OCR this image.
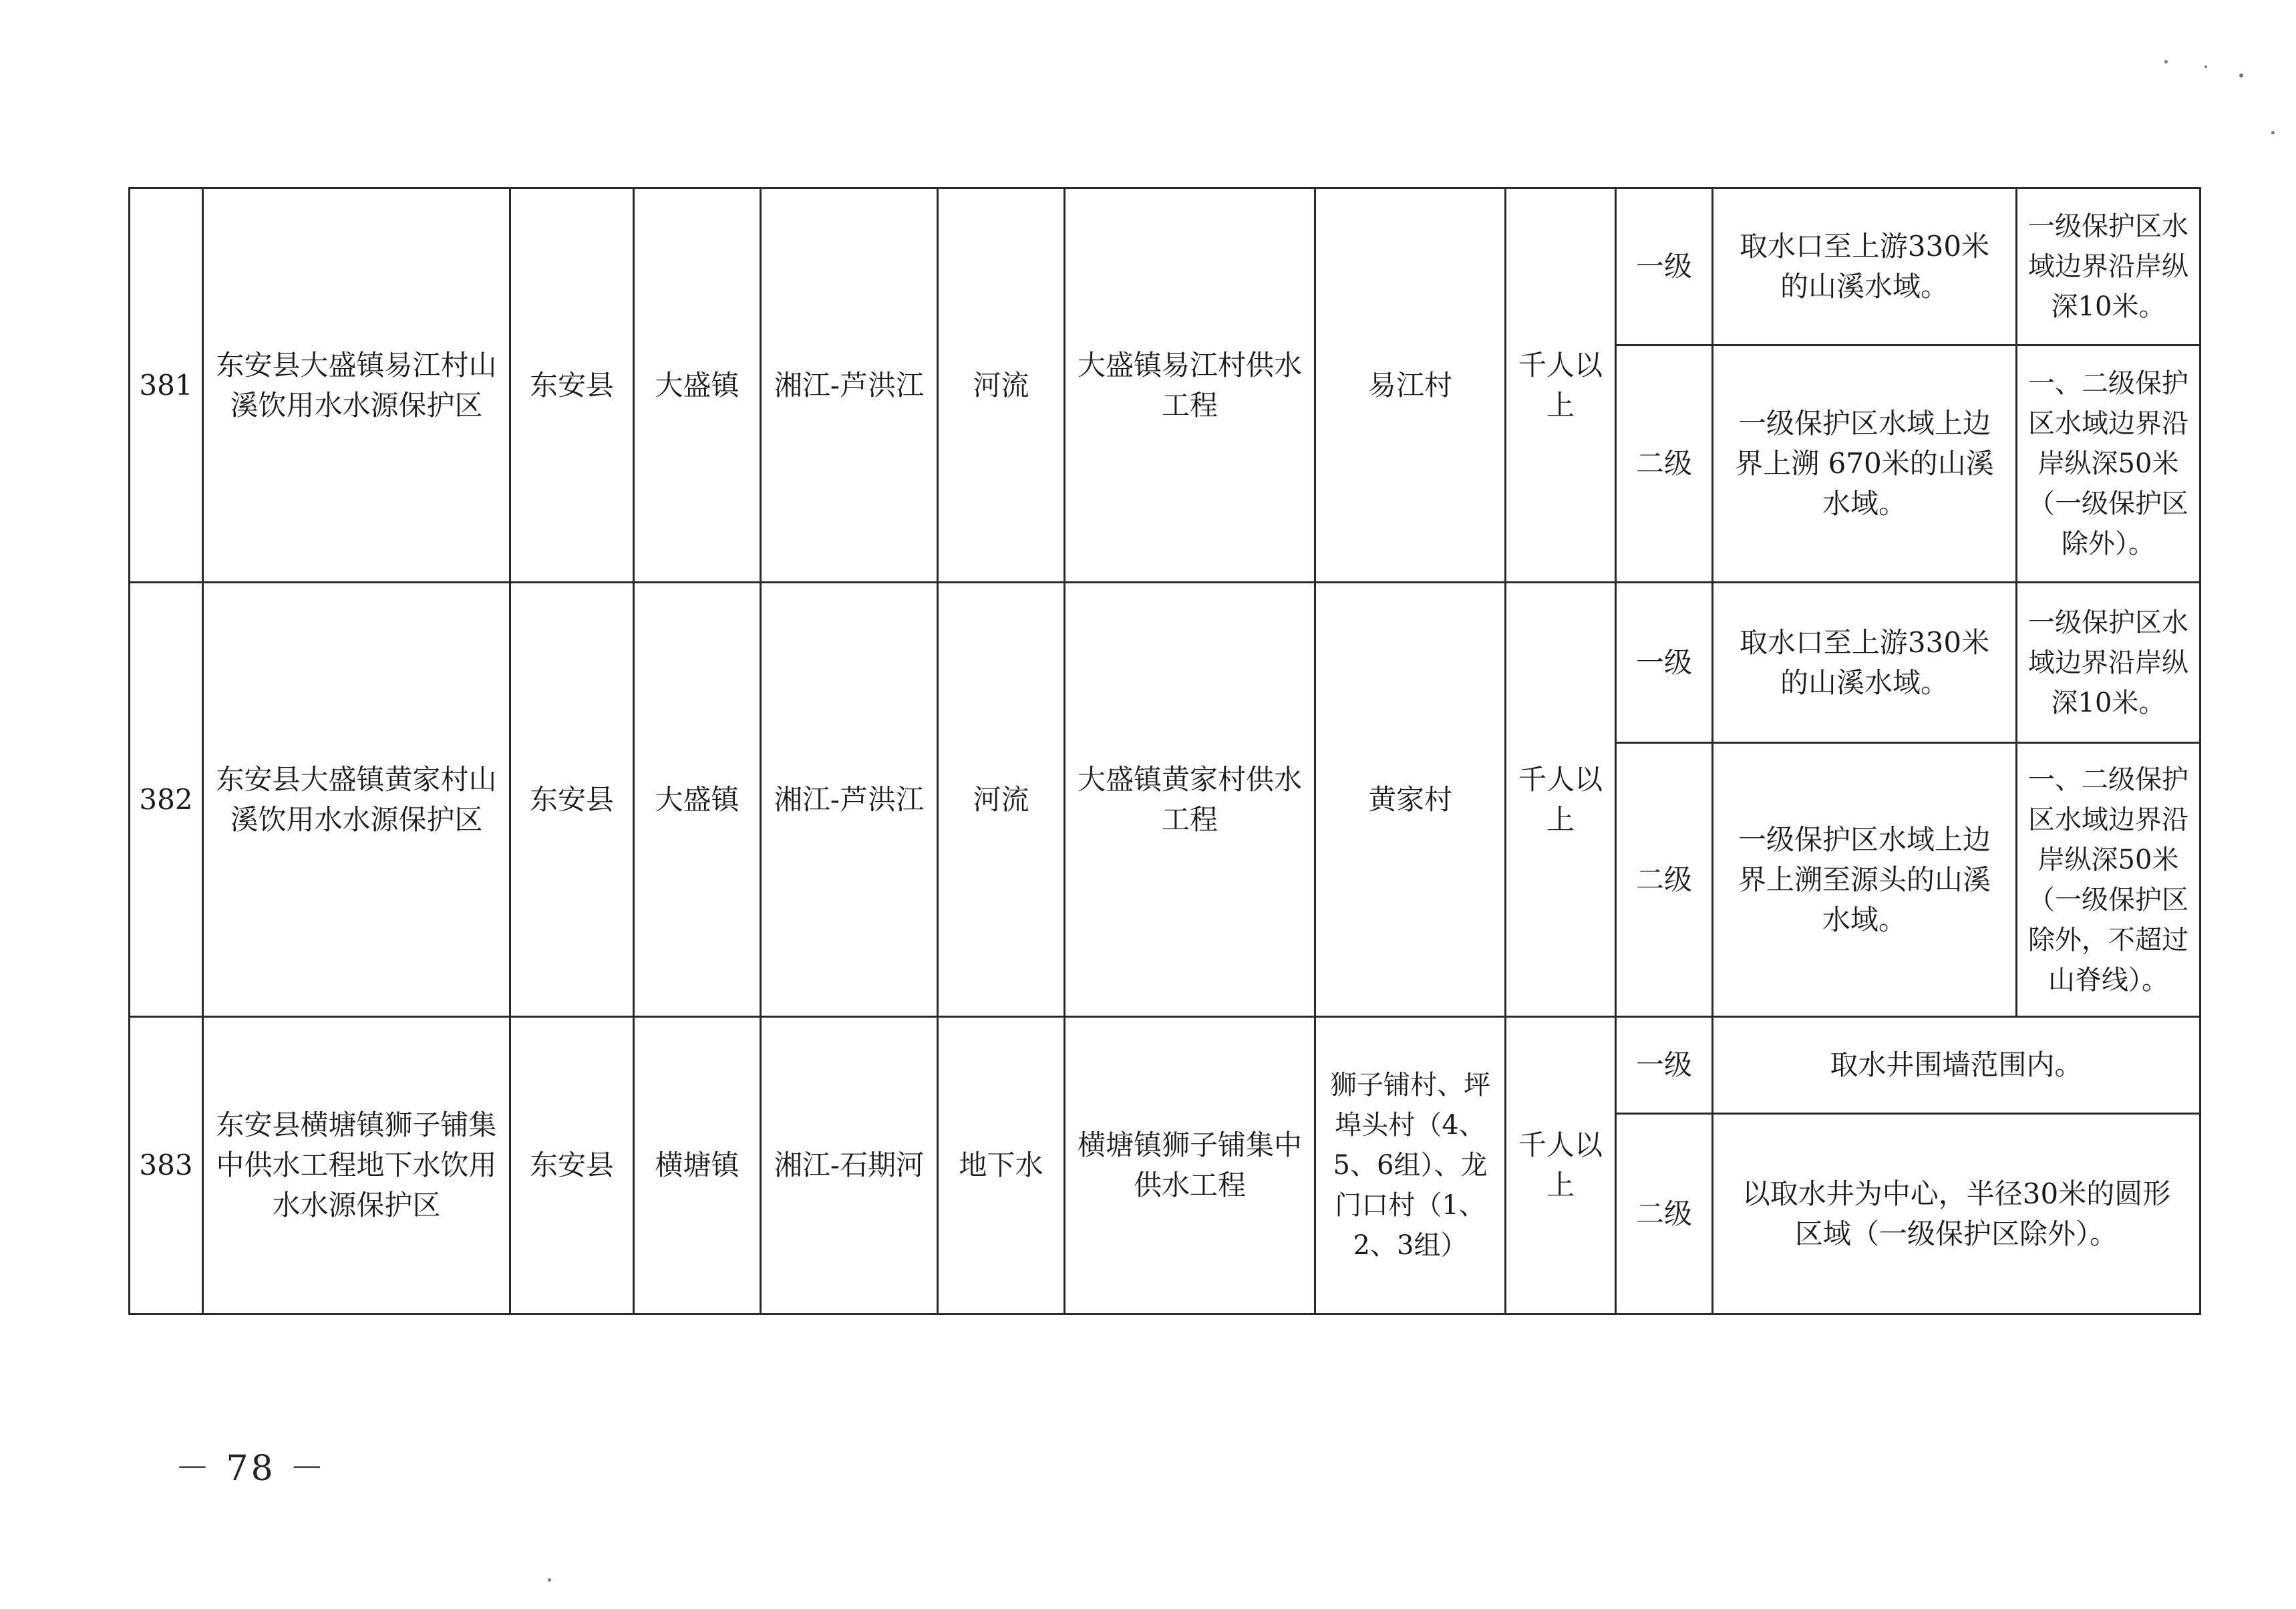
381	东安县大盛镇易江村山溪饮用水水源保护区	东安县	大盛镇	湘江-芦洪江	河流	大盛镇易江村供水工程	易江村	千人以上	一级	取水口至上游330米的山溪水域。	一级保护区水域边界沿岸纵深10米。
									二级	一级保护区水域上边界上溯 670米的山溪水域。	一、二级保护区水域边界沿岸纵深50米（一级保护区除外）。
382	东安县大盛镇黄家村山溪饮用水水源保护区	东安县	大盛镇	湘江-芦洪江	河流	大盛镇黄家村供水工程	黄家村	千人以上	一级	取水口至上游330米的山溪水域。	一级保护区水域边界沿岸纵深10米。
									二级	一级保护区水域上边界上溯至源头的山溪水域。	一、二级保护区水域边界沿岸纵深50米（一级保护区除外，不超过山脊线）。
383	东安县横塘镇狮子铺集中供水工程地下水饮用水水源保护区	东安县	横塘镇	湘江-石期河	地下水	横塘镇狮子铺集中供水工程	狮子铺村、坪埠头村（4、5、6组）、龙门口村（1、2、3组）	千人以上	一级	取水井围墙范围内。	
									二级	以取水井为中心，半径30米的圆形区域（一级保护区除外）。	
－ 78 －
